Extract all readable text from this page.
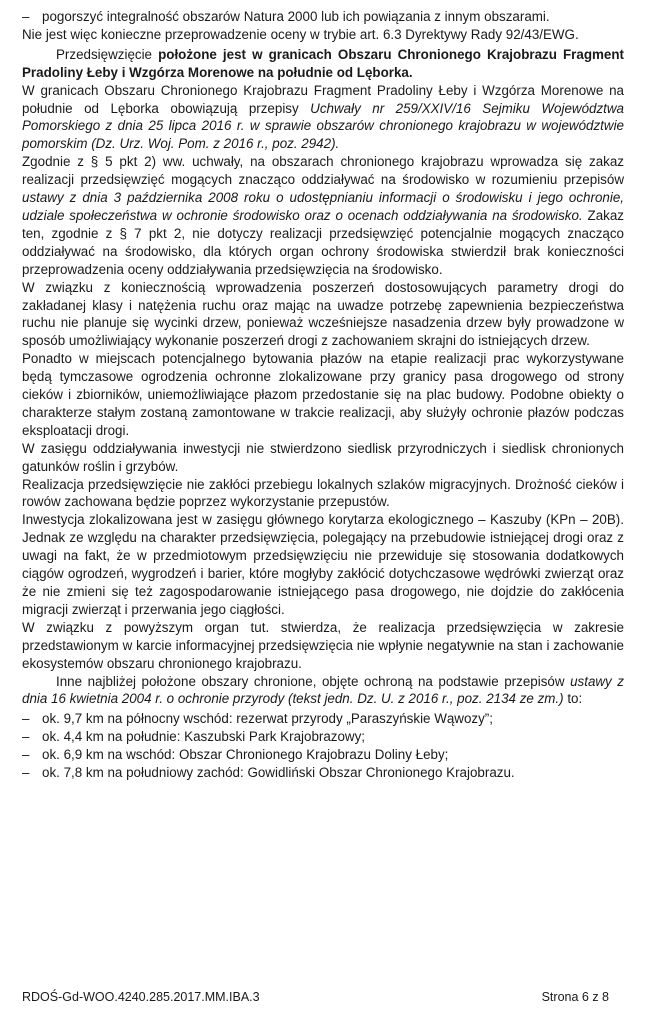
– pogorszyć integralność obszarów Natura 2000 lub ich powiązania z innym obszarami.

Nie jest więc konieczne przeprowadzenie oceny w trybie art. 6.3 Dyrektywy Rady 92/43/EWG.

Przedsięwzięcie położone jest w granicach Obszaru Chronionego Krajobrazu Fragment Pradoliny Łeby i Wzgórza Morenowe na południe od Lęborka.

W granicach Obszaru Chronionego Krajobrazu Fragment Pradoliny Łeby i Wzgórza Morenowe na południe od Lęborka obowiązują przepisy Uchwały nr 259/XXIV/16 Sejmiku Województwa Pomorskiego z dnia 25 lipca 2016 r. w sprawie obszarów chronionego krajobrazu w województwie pomorskim (Dz. Urz. Woj. Pom. z 2016 r., poz. 2942).

Zgodnie z § 5 pkt 2) ww. uchwały, na obszarach chronionego krajobrazu wprowadza się zakaz realizacji przedsięwzięć mogących znacząco oddziaływać na środowisko w rozumieniu przepisów ustawy z dnia 3 października 2008 roku o udostępnianiu informacji o środowisku i jego ochronie, udziale społeczeństwa w ochronie środowisko oraz o ocenach oddziaływania na środowisko. Zakaz ten, zgodnie z § 7 pkt 2, nie dotyczy realizacji przedsięwzięć potencjalnie mogących znacząco oddziaływać na środowisko, dla których organ ochrony środowiska stwierdził brak konieczności przeprowadzenia oceny oddziaływania przedsięwzięcia na środowisko.

W związku z koniecznością wprowadzenia poszerzeń dostosowujących parametry drogi do zakładanej klasy i natężenia ruchu oraz mając na uwadze potrzebę zapewnienia bezpieczeństwa ruchu nie planuje się wycinki drzew, ponieważ wcześniejsze nasadzenia drzew były prowadzone w sposób umożliwiający wykonanie poszerzeń drogi z zachowaniem skrajni do istniejących drzew.

Ponadto w miejscach potencjalnego bytowania płazów na etapie realizacji prac wykorzystywane będą tymczasowe ogrodzenia ochronne zlokalizowane przy granicy pasa drogowego od strony cieków i zbiorników, uniemożliwiające płazom przedostanie się na plac budowy. Podobne obiekty o charakterze stałym zostaną zamontowane w trakcie realizacji, aby służyły ochronie płazów podczas eksploatacji drogi.

W zasięgu oddziaływania inwestycji nie stwierdzono siedlisk przyrodniczych i siedlisk chronionych gatunków roślin i grzybów.

Realizacja przedsięwzięcie nie zakłóci przebiegu lokalnych szlaków migracyjnych. Drożność cieków i rowów zachowana będzie poprzez wykorzystanie przepustów.

Inwestycja zlokalizowana jest w zasięgu głównego korytarza ekologicznego – Kaszuby (KPn – 20B). Jednak ze względu na charakter przedsięwzięcia, polegający na przebudowie istniejącej drogi oraz z uwagi na fakt, że w przedmiotowym przedsięwzięciu nie przewiduje się stosowania dodatkowych ciągów ogrodzeń, wygrodzeń i barier, które mogłyby zakłócić dotychczasowe wędrówki zwierząt oraz że nie zmieni się też zagospodarowanie istniejącego pasa drogowego, nie dojdzie do zakłócenia migracji zwierząt i przerwania jego ciągłości.

W związku z powyższym organ tut. stwierdza, że realizacja przedsięwzięcia w zakresie przedstawionym w karcie informacyjnej przedsięwzięcia nie wpłynie negatywnie na stan i zachowanie ekosystemów obszaru chronionego krajobrazu.

Inne najbliżej położone obszary chronione, objęte ochroną na podstawie przepisów ustawy z dnia 16 kwietnia 2004 r. o ochronie przyrody (tekst jedn. Dz. U. z 2016 r., poz. 2134 ze zm.) to:

– ok. 9,7 km na północny wschód: rezerwat przyrody „Paraszyńskie Wąwozy”;
– ok. 4,4 km na południe: Kaszubski Park Krajobrazowy;
– ok. 6,9 km na wschód: Obszar Chronionego Krajobrazu Doliny Łeby;
– ok. 7,8 km na południowy zachód: Gowidliński Obszar Chronionego Krajobrazu.
RDOŚ-Gd-WOO.4240.285.2017.MM.IBA.3	Strona 6 z 8
